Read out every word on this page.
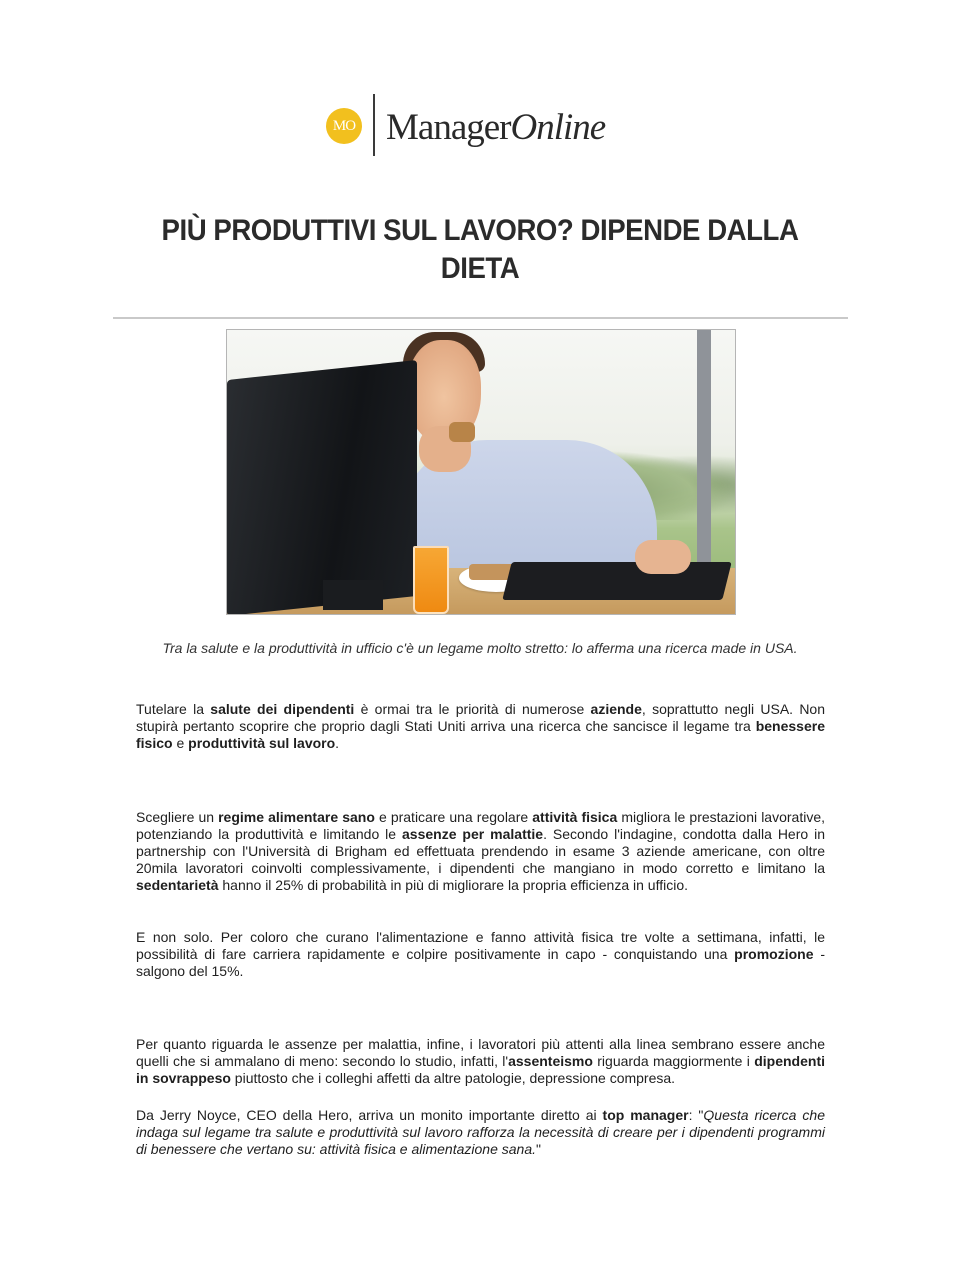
MO ManagerOnline
PIÙ PRODUTTIVI SUL LAVORO? DIPENDE DALLA
DIETA

Tra la salute e la produttività in ufficio c'è un legame molto stretto: lo afferma una ricerca made in USA.

Tutelare la salute dei dipendenti è ormai tra le priorità di numerose aziende, soprattutto negli USA. Non stupirà pertanto scoprire che proprio dagli Stati Uniti arriva una ricerca che sancisce il legame tra benessere fisico e produttività sul lavoro.

Scegliere un regime alimentare sano e praticare una regolare attività fisica migliora le prestazioni lavorative, potenziando la produttività e limitando le assenze per malattie. Secondo l'indagine, condotta dalla Hero in partnership con l'Università di Brigham ed effettuata prendendo in esame 3 aziende americane, con oltre 20mila lavoratori coinvolti complessivamente, i dipendenti che mangiano in modo corretto e limitano la sedentarietà hanno il 25% di probabilità in più di migliorare la propria efficienza in ufficio.

E non solo. Per coloro che curano l'alimentazione e fanno attività fisica tre volte a settimana, infatti, le possibilità di fare carriera rapidamente e colpire positivamente in capo - conquistando una promozione - salgono del 15%.

Per quanto riguarda le assenze per malattia, infine, i lavoratori più attenti alla linea sembrano essere anche quelli che si ammalano di meno: secondo lo studio, infatti, l'assenteismo riguarda maggiormente i dipendenti in sovrappeso piuttosto che i colleghi affetti da altre patologie, depressione compresa.

Da Jerry Noyce, CEO della Hero, arriva un monito importante diretto ai top manager: "Questa ricerca che indaga sul legame tra salute e produttività sul lavoro rafforza la necessità di creare per i dipendenti programmi di benessere che vertano su: attività fisica e alimentazione sana."
